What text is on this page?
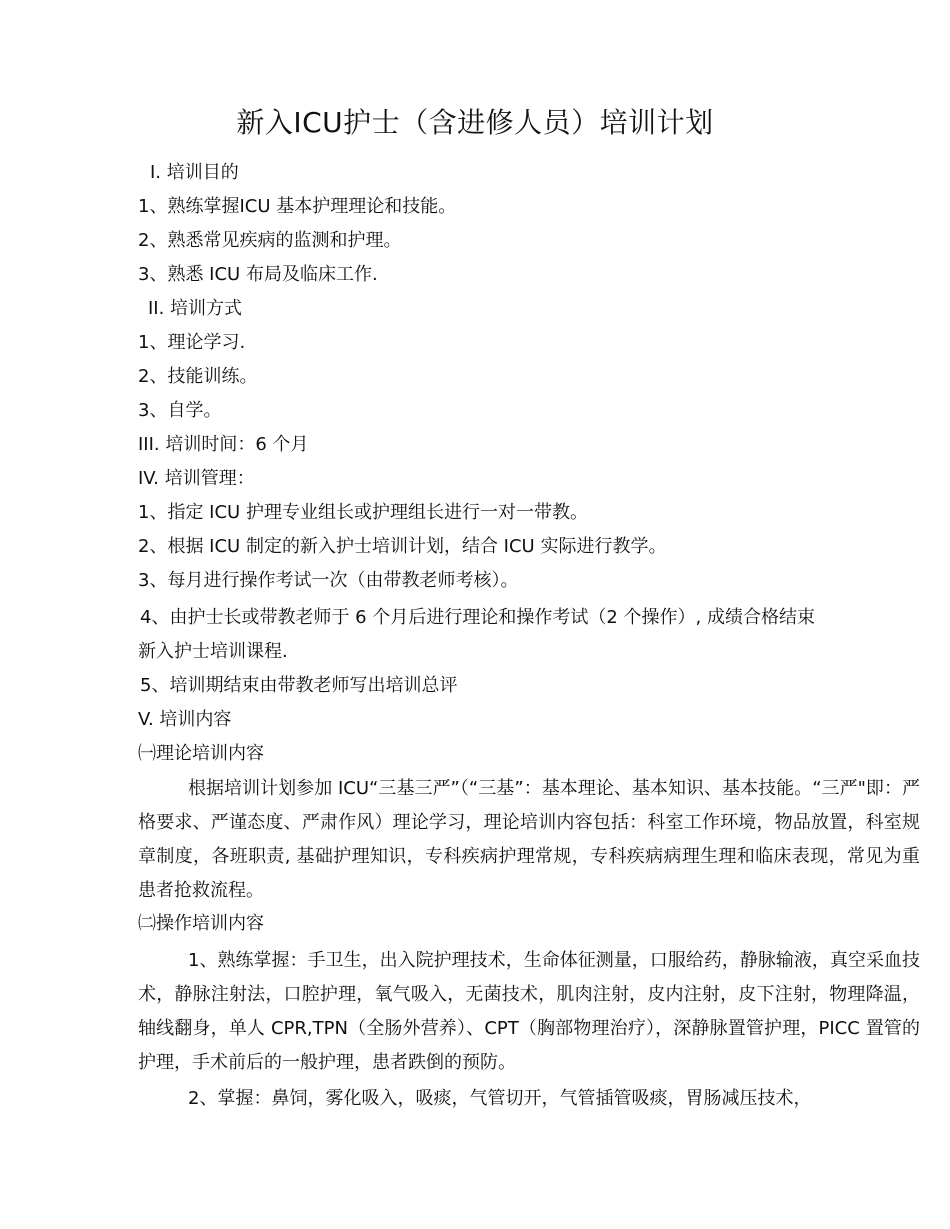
新入ICU护士（含进修人员）培训计划

I. 培训目的

1、熟练掌握ICU 基本护理理论和技能。

2、熟悉常见疾病的监测和护理。

3、熟悉 ICU 布局及临床工作.

II. 培训方式

1、理论学习.

2、技能训练。

3、自学。

III. 培训时间：6 个月

IV. 培训管理：

1、指定 ICU 护理专业组长或护理组长进行一对一带教。

2、根据 ICU 制定的新入护士培训计划，结合 ICU 实际进行教学。

3、每月进行操作考试一次（由带教老师考核）。

4、由护士长或带教老师于 6 个月后进行理论和操作考试（2 个操作）, 成绩合格结束

新入护士培训课程.

5、培训期结束由带教老师写出培训总评

V. 培训内容

㈠理论培训内容

根据培训计划参加 ICU“三基三严”（“三基”：基本理论、基本知识、基本技能。“三严"即：严格要求、严谨态度、严肃作风）理论学习，理论培训内容包括：科室工作环境，物品放置，科室规章制度，各班职责, 基础护理知识，专科疾病护理常规，专科疾病病理生理和临床表现，常见为重患者抢救流程。

㈡操作培训内容

1、熟练掌握：手卫生，出入院护理技术，生命体征测量，口服给药，静脉输液，真空采血技术，静脉注射法，口腔护理，氧气吸入，无菌技术，肌肉注射，皮内注射，皮下注射，物理降温，轴线翻身，单人 CPR,TPN（全肠外营养）、CPT（胸部物理治疗），深静脉置管护理，PICC 置管的护理，手术前后的一般护理，患者跌倒的预防。

2、掌握：鼻饲，雾化吸入，吸痰，气管切开，气管插管吸痰，胃肠减压技术，
